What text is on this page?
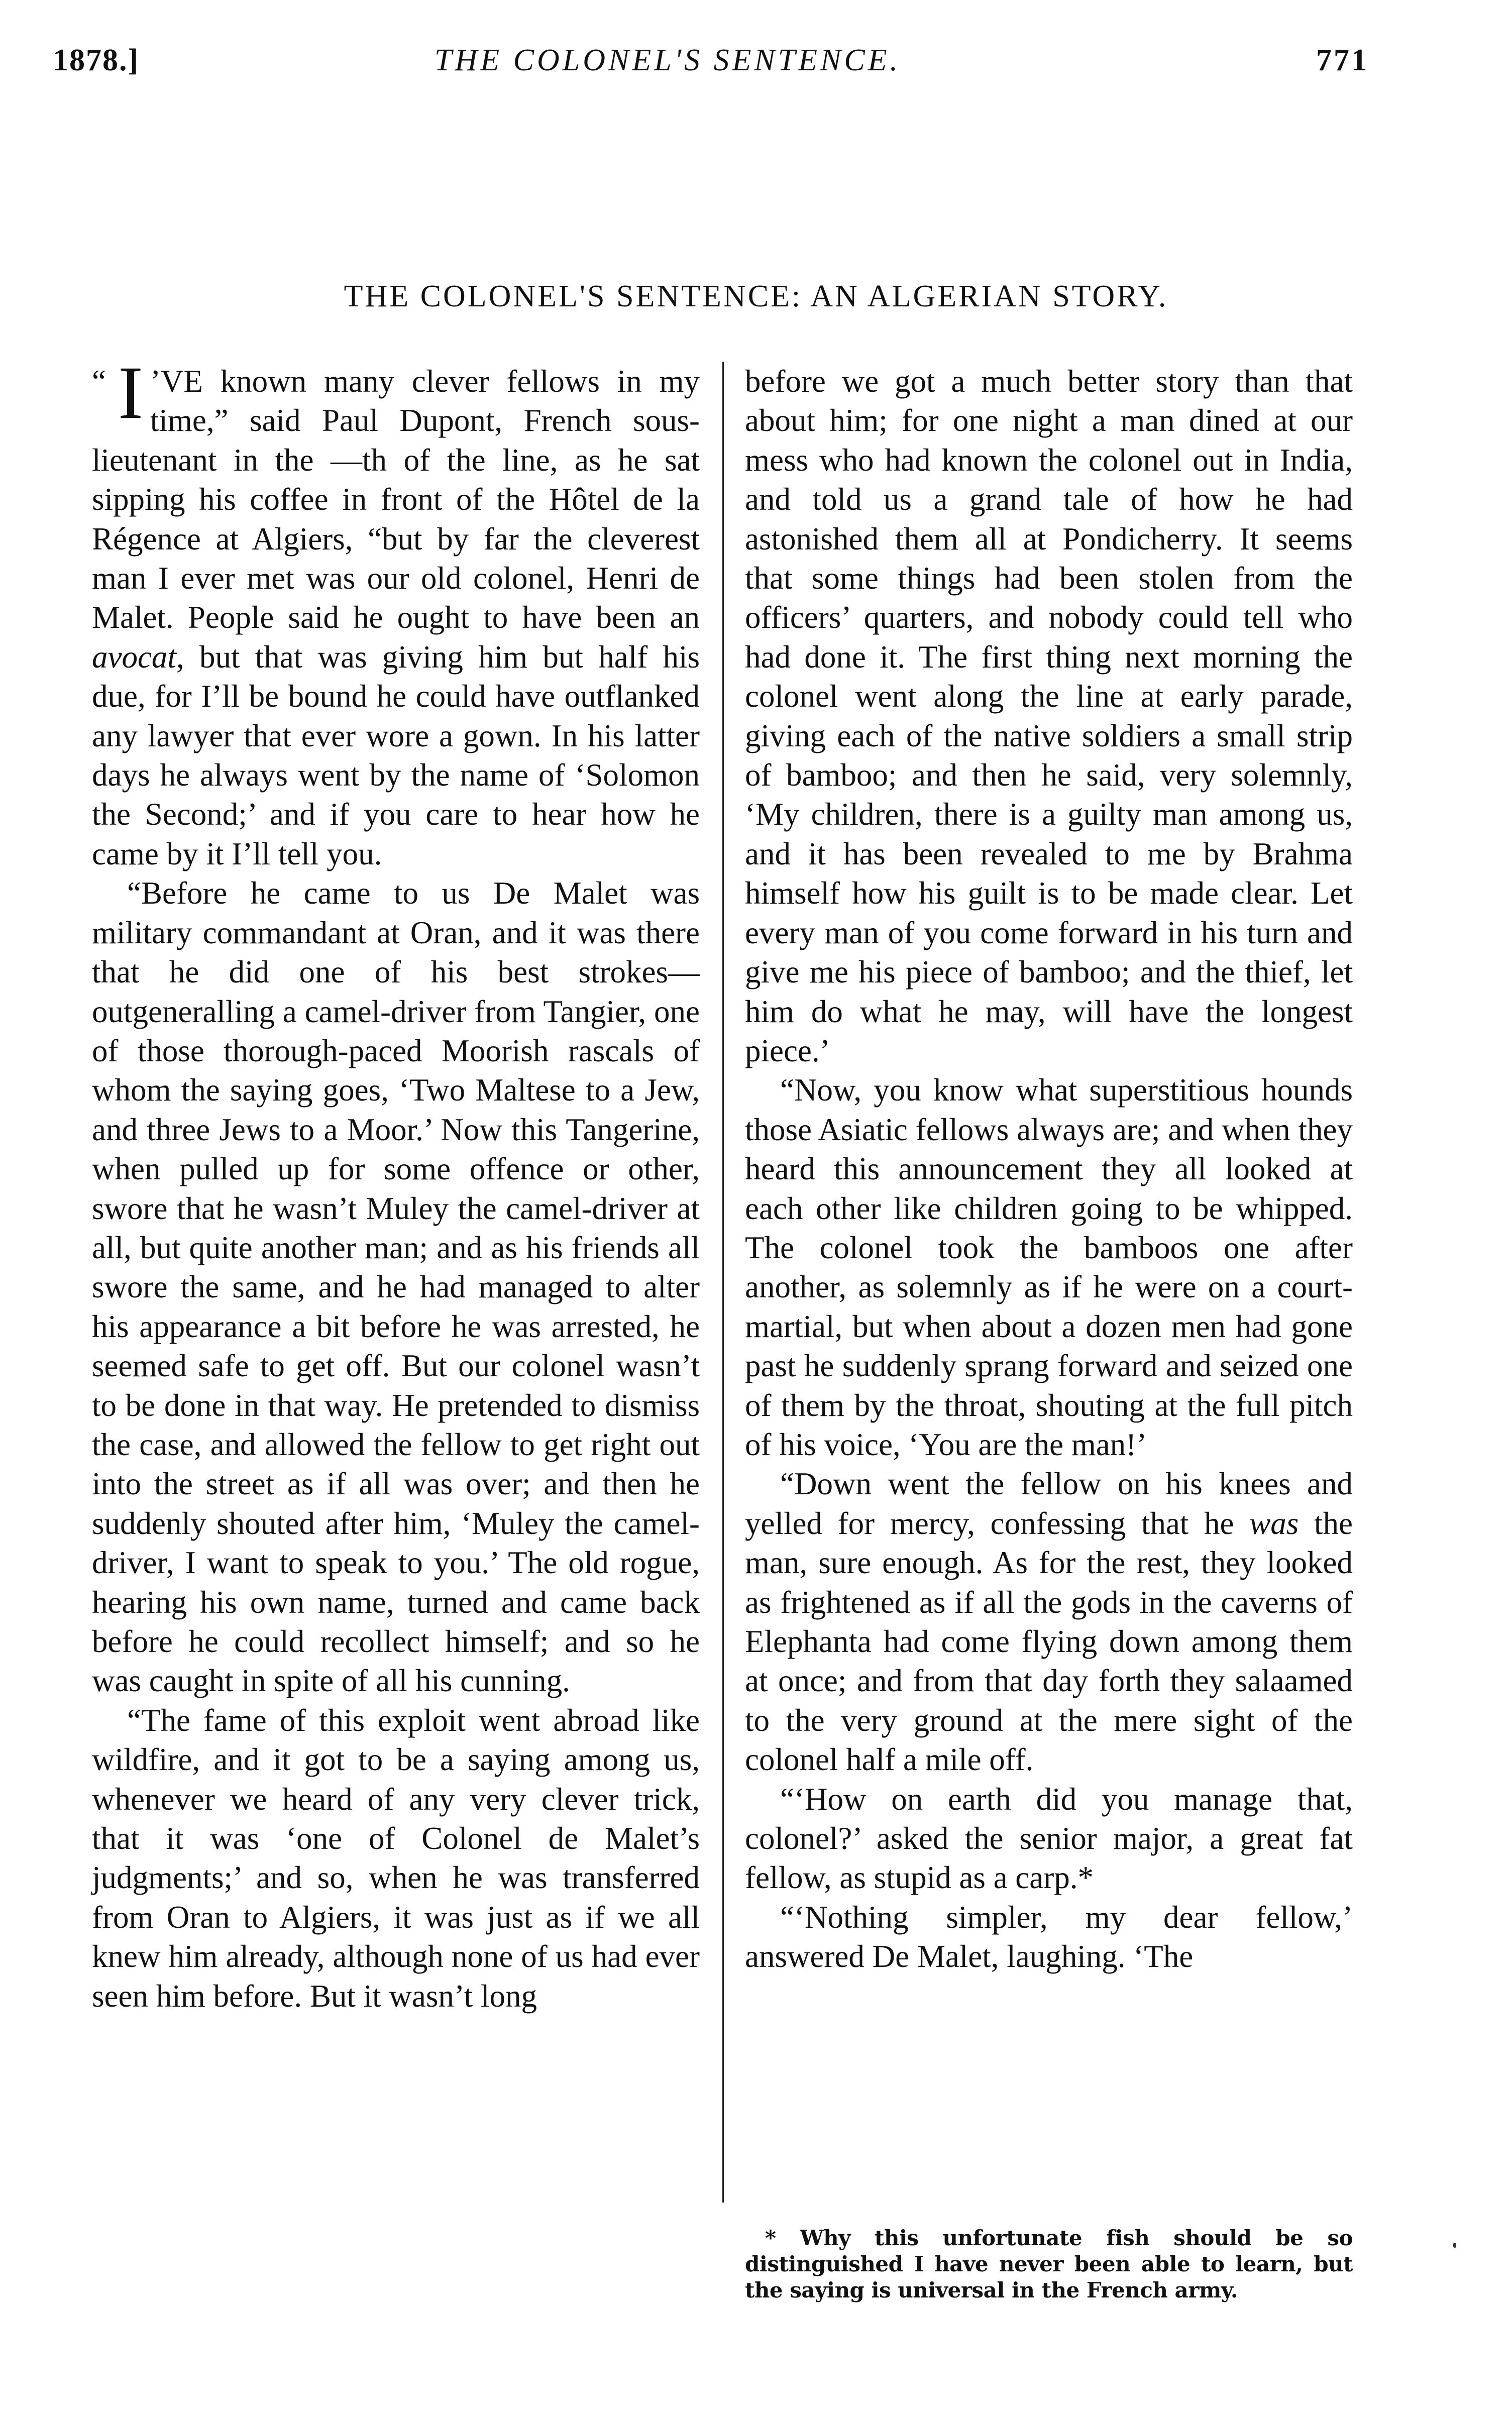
1878.]	THE COLONEL'S SENTENCE.	771
THE COLONEL'S SENTENCE: AN ALGERIAN STORY.

“ I ’VE known many clever fellows in my time,” said Paul Dupont, French sous-lieutenant in the —th of the line, as he sat sipping his coffee in front of the Hôtel de la Régence at Algiers, “but by far the cleverest man I ever met was our old colonel, Henri de Malet. People said he ought to have been an avocat, but that was giving him but half his due, for I’ll be bound he could have outflanked any lawyer that ever wore a gown. In his latter days he always went by the name of ‘Solomon the Second;’ and if you care to hear how he came by it I’ll tell you.

“Before he came to us De Malet was military commandant at Oran, and it was there that he did one of his best strokes—outgeneralling a camel-driver from Tangier, one of those thorough-paced Moorish rascals of whom the saying goes, ‘Two Maltese to a Jew, and three Jews to a Moor.’ Now this Tangerine, when pulled up for some offence or other, swore that he wasn’t Muley the camel-driver at all, but quite another man; and as his friends all swore the same, and he had managed to alter his appearance a bit before he was arrested, he seemed safe to get off. But our colonel wasn’t to be done in that way. He pretended to dismiss the case, and allowed the fellow to get right out into the street as if all was over; and then he suddenly shouted after him, ‘Muley the camel-driver, I want to speak to you.’ The old rogue, hearing his own name, turned and came back before he could recollect himself; and so he was caught in spite of all his cunning.

“The fame of this exploit went abroad like wildfire, and it got to be a saying among us, whenever we heard of any very clever trick, that it was ‘one of Colonel de Malet’s judgments;’ and so, when he was transferred from Oran to Algiers, it was just as if we all knew him already, although none of us had ever seen him before. But it wasn’t long

before we got a much better story than that about him; for one night a man dined at our mess who had known the colonel out in India, and told us a grand tale of how he had astonished them all at Pondicherry. It seems that some things had been stolen from the officers’ quarters, and nobody could tell who had done it. The first thing next morning the colonel went along the line at early parade, giving each of the native soldiers a small strip of bamboo; and then he said, very solemnly, ‘My children, there is a guilty man among us, and it has been revealed to me by Brahma himself how his guilt is to be made clear. Let every man of you come forward in his turn and give me his piece of bamboo; and the thief, let him do what he may, will have the longest piece.’

“Now, you know what superstitious hounds those Asiatic fellows always are; and when they heard this announcement they all looked at each other like children going to be whipped. The colonel took the bamboos one after another, as solemnly as if he were on a court-martial, but when about a dozen men had gone past he suddenly sprang forward and seized one of them by the throat, shouting at the full pitch of his voice, ‘You are the man!’

“Down went the fellow on his knees and yelled for mercy, confessing that he was the man, sure enough. As for the rest, they looked as frightened as if all the gods in the caverns of Elephanta had come flying down among them at once; and from that day forth they salaamed to the very ground at the mere sight of the colonel half a mile off.

“‘How on earth did you manage that, colonel?’ asked the senior major, a great fat fellow, as stupid as a carp.*

“‘Nothing simpler, my dear fellow,’ answered De Malet, laughing. ‘The

* Why this unfortunate fish should be so distinguished I have never been able to learn, but the saying is universal in the French army.
